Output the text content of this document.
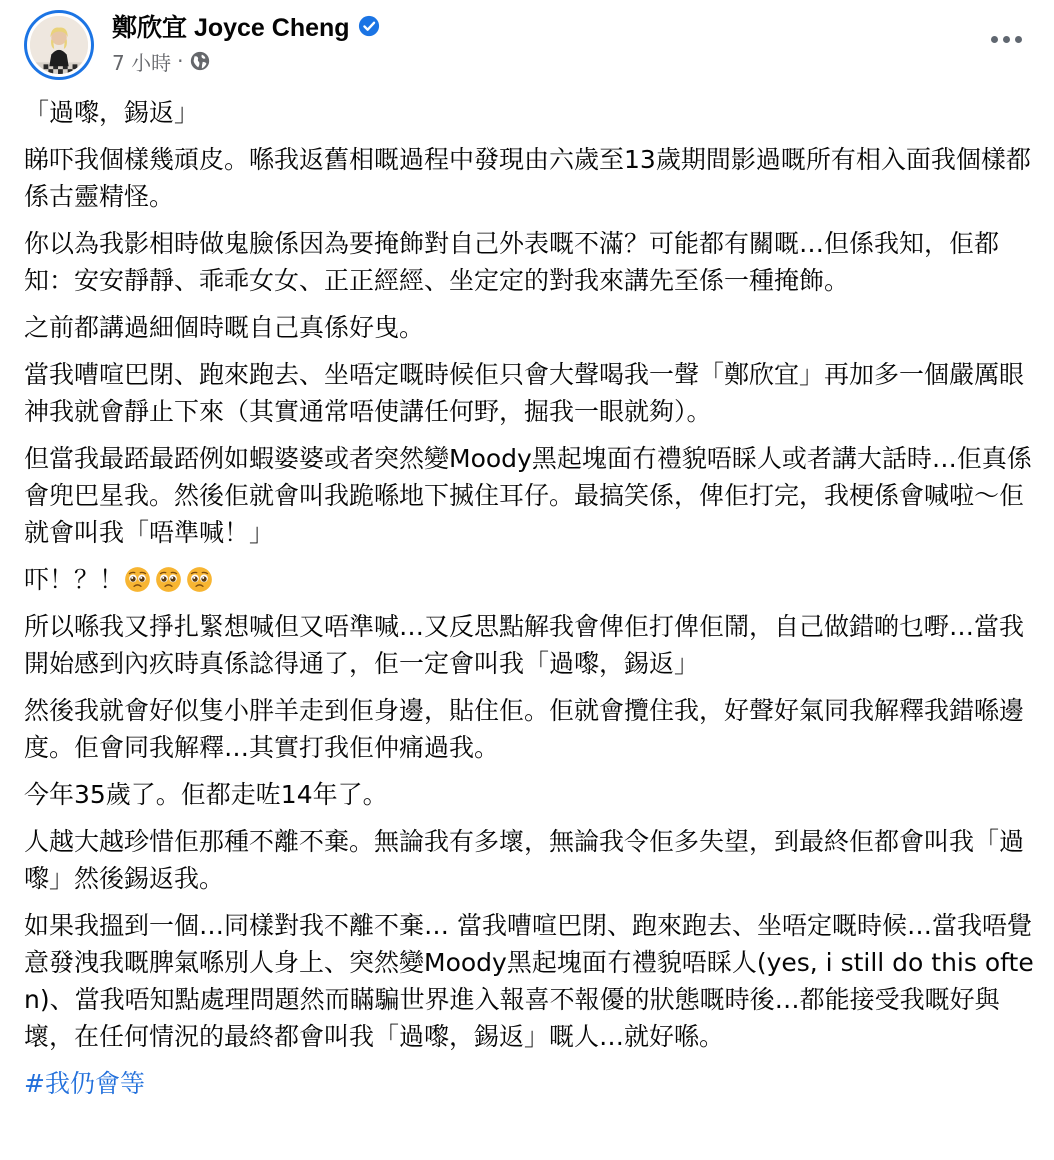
鄭欣宜 Joyce Cheng
7 小時 ·

「過嚟，錫返」

睇吓我個樣幾頑皮。喺我返舊相嘅過程中發現由六歲至13歲期間影過嘅所有相入面我個樣都係古靈精怪。

你以為我影相時做鬼臉係因為要掩飾對自己外表嘅不滿？可能都有關嘅…但係我知，佢都知：安安靜靜、乖乖女女、正正經經、坐定定的對我來講先至係一種掩飾。

之前都講過細個時嘅自己真係好曳。

當我嘈喧巴閉、跑來跑去、坐唔定嘅時候佢只會大聲喝我一聲「鄭欣宜」再加多一個嚴厲眼神我就會靜止下來（其實通常唔使講任何野，掘我一眼就夠）。

但當我最踎最踎例如蝦婆婆或者突然變Moody黑起塊面冇禮貌唔睬人或者講大話時…佢真係會兜巴星我。然後佢就會叫我跪喺地下搣住耳仔。最搞笑係，俾佢打完，我梗係會喊啦～佢就會叫我「唔準喊！」

吓！？！

所以喺我又掙扎緊想喊但又唔準喊…又反思點解我會俾佢打俾佢鬧，自己做錯啲乜嘢…當我開始感到內疚時真係諗得通了，佢一定會叫我「過嚟，錫返」

然後我就會好似隻小胖羊走到佢身邊，貼住佢。佢就會攬住我，好聲好氣同我解釋我錯喺邊度。佢會同我解釋…其實打我佢仲痛過我。

今年35歲了。佢都走咗14年了。

人越大越珍惜佢那種不離不棄。無論我有多壞，無論我令佢多失望，到最終佢都會叫我「過嚟」然後錫返我。

如果我搵到一個…同樣對我不離不棄… 當我嘈喧巴閉、跑來跑去、坐唔定嘅時候…當我唔覺意發洩我嘅脾氣喺別人身上、突然變Moody黑起塊面冇禮貌唔睬人(yes, i still do this often)、當我唔知點處理問題然而瞞騙世界進入報喜不報優的狀態嘅時後…都能接受我嘅好與壞，在任何情況的最終都會叫我「過嚟，錫返」嘅人…就好喺。

#我仍會等
